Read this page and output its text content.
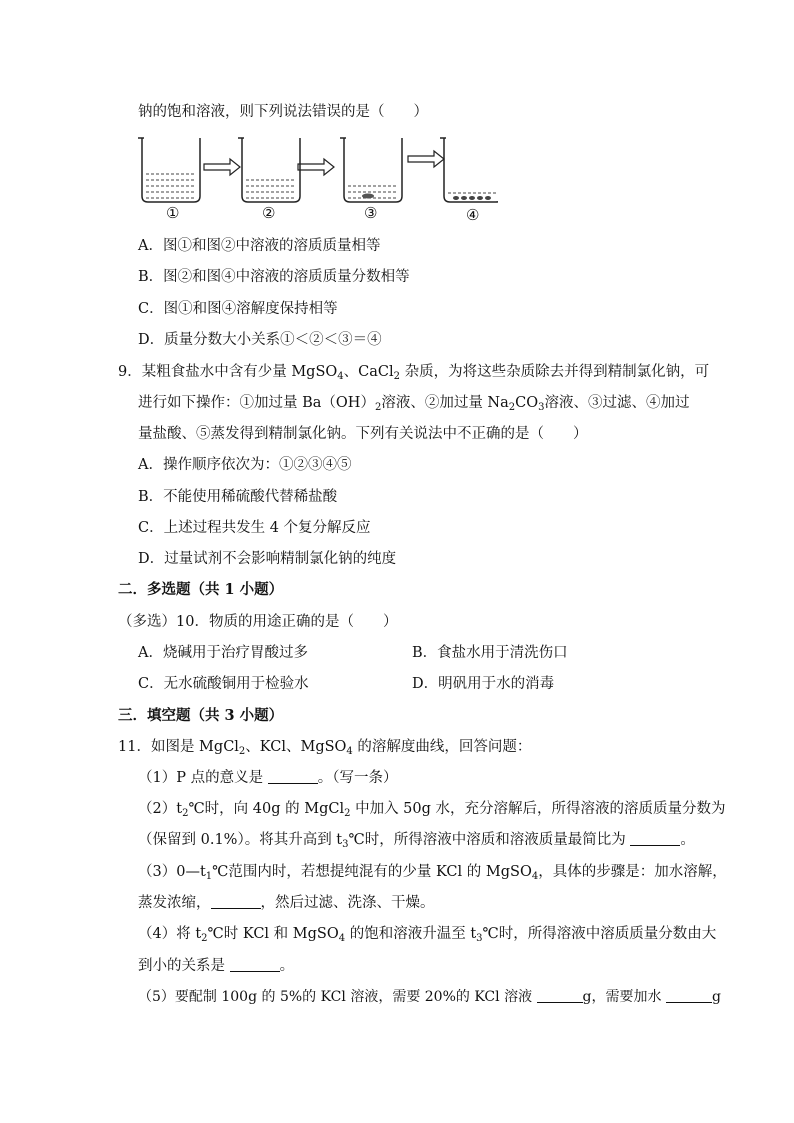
钠的饱和溶液，则下列说法错误的是（　　）
①	②	③	④
A．图①和图②中溶液的溶质质量相等
B．图②和图④中溶液的溶质质量分数相等
C．图①和图④溶解度保持相等
D．质量分数大小关系①＜②＜③＝④
9．某粗食盐水中含有少量 MgSO$_4$、CaCl$_2$ 杂质，为将这些杂质除去并得到精制氯化钠，可
进行如下操作：①加过量 $Ba(OH)_2$溶液、②加过量 $Na_2CO_3$溶液、③过滤、④加过
量盐酸、⑤蒸发得到精制氯化钠。下列有关说法中不正确的是（　　）
A．操作顺序依次为：①②③④⑤
B．不能使用稀硫酸代替稀盐酸
C．上述过程共发生 4 个复分解反应
D．过量试剂不会影响精制氯化钠的纯度
二．多选题（共 1 小题）
（多选）10．物质的用途正确的是（　　）
A．烧碱用于治疗胃酸过多	B．食盐水用于清洗伤口
C．无水硫酸铜用于检验水	D．明矾用于水的消毒
三．填空题（共 3 小题）
11．如图是 MgCl$_2$、KCl、MgSO$_4$ 的溶解度曲线，回答问题：
（1）P 点的意义是	。（写一条）
$(2)t_2℃$时，向 40g 的 MgCl$_2$ 中加入 50g 水，充分溶解后，所得溶液的溶质质量分数为
（保留到 0.1%）。将其升高到 $t_3℃$时，所得溶液中溶质和溶液质量最简比为	。
$(3)0—t_1℃$范围内时，若想提纯混有的少量 KCl 的 MgSO$_4$，具体的步骤是：加水溶解，
蒸发浓缩，	，然后过滤、洗涤、干燥。
（4）将 $t_2℃$时 KCl 和 MgSO$_4$ 的饱和溶液升温至 $t_3℃$时，所得溶液中溶质质量分数由大
到小的关系是	。
（5）要配制 100g 的 5%的 KCl 溶液，需要 20%的 KCl 溶液	g，需要加水	g
